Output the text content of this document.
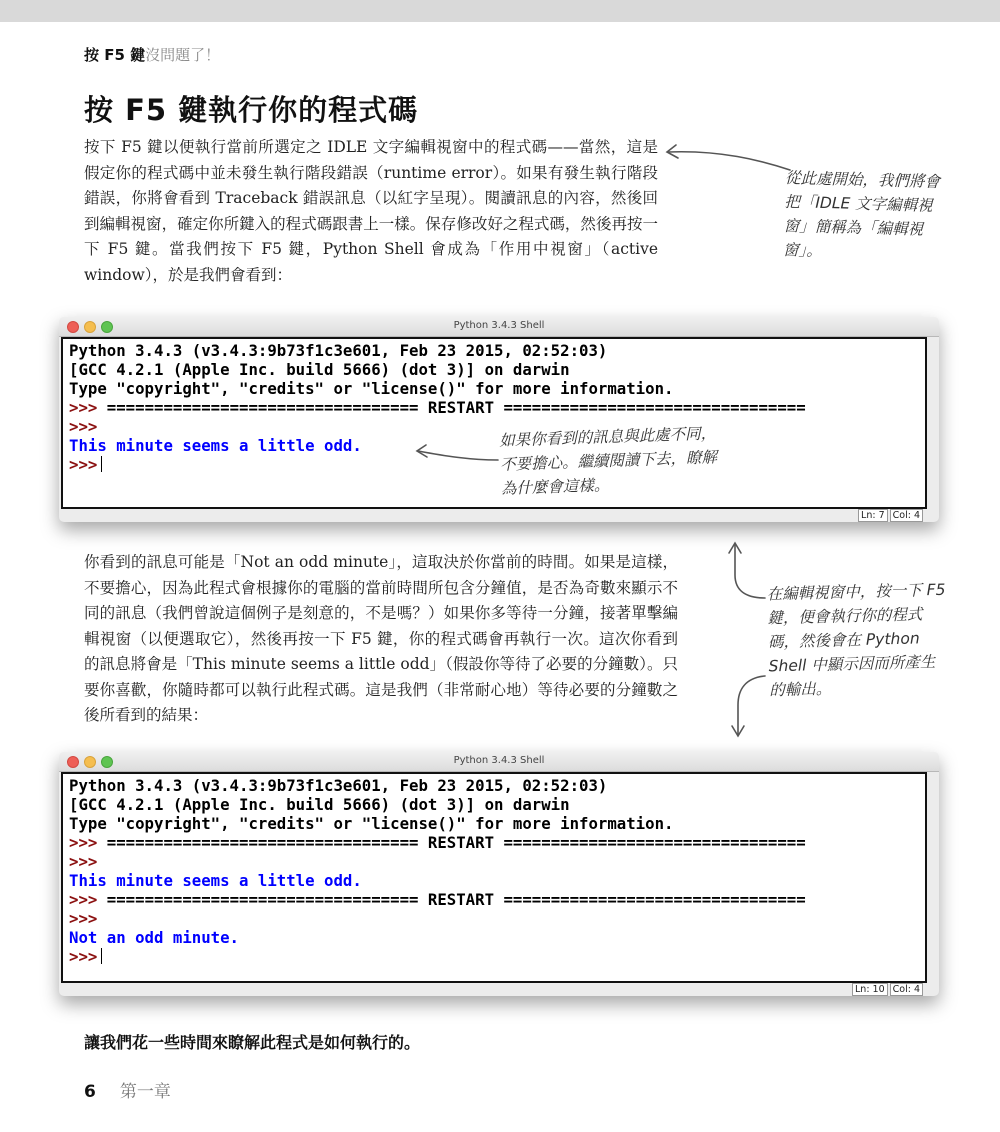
按 F5 鍵沒問題了！
按 F5 鍵執行你的程式碼

按下 F5 鍵以便執行當前所選定之 IDLE 文字編輯視窗中的程式碼——當然，這是假定你的程式碼中並未發生執行階段錯誤（runtime error）。如果有發生執行階段錯誤，你將會看到 Traceback 錯誤訊息（以紅字呈現）。閱讀訊息的內容，然後回到編輯視窗，確定你所鍵入的程式碼跟書上一樣。保存修改好之程式碼，然後再按一下 F5 鍵。當我們按下 F5 鍵，Python Shell 會成為「作用中視窗」（active window），於是我們會看到：

從此處開始，我們將會把「IDLE 文字編輯視窗」簡稱為「編輯視窗」。

Python 3.4.3 Shell
Python 3.4.3 (v3.4.3:9b73f1c3e601, Feb 23 2015, 02:52:03)
[GCC 4.2.1 (Apple Inc. build 5666) (dot 3)] on darwin
Type "copyright", "credits" or "license()" for more information.
>>> ================================= RESTART ================================
>>>
This minute seems a little odd.
>>>
Ln: 7 Col: 4

如果你看到的訊息與此處不同，不要擔心。繼續閱讀下去，瞭解為什麼會這樣。

你看到的訊息可能是「Not an odd minute」，這取決於你當前的時間。如果是這樣，不要擔心，因為此程式會根據你的電腦的當前時間所包含分鐘值，是否為奇數來顯示不同的訊息（我們曾說這個例子是刻意的，不是嗎？）如果你多等待一分鐘，接著單擊編輯視窗（以便選取它），然後再按一下 F5 鍵，你的程式碼會再執行一次。這次你看到的訊息將會是「This minute seems a little odd」（假設你等待了必要的分鐘數）。只要你喜歡，你隨時都可以執行此程式碼。這是我們（非常耐心地）等待必要的分鐘數之後所看到的結果：

在編輯視窗中，按一下 F5 鍵，便會執行你的程式碼，然後會在 Python Shell 中顯示因而所產生的輸出。

Python 3.4.3 Shell
Python 3.4.3 (v3.4.3:9b73f1c3e601, Feb 23 2015, 02:52:03)
[GCC 4.2.1 (Apple Inc. build 5666) (dot 3)] on darwin
Type "copyright", "credits" or "license()" for more information.
>>> ================================= RESTART ================================
>>>
This minute seems a little odd.
>>> ================================= RESTART ================================
>>>
Not an odd minute.
>>>
Ln: 10 Col: 4

讓我們花一些時間來瞭解此程式是如何執行的。

6 第一章
